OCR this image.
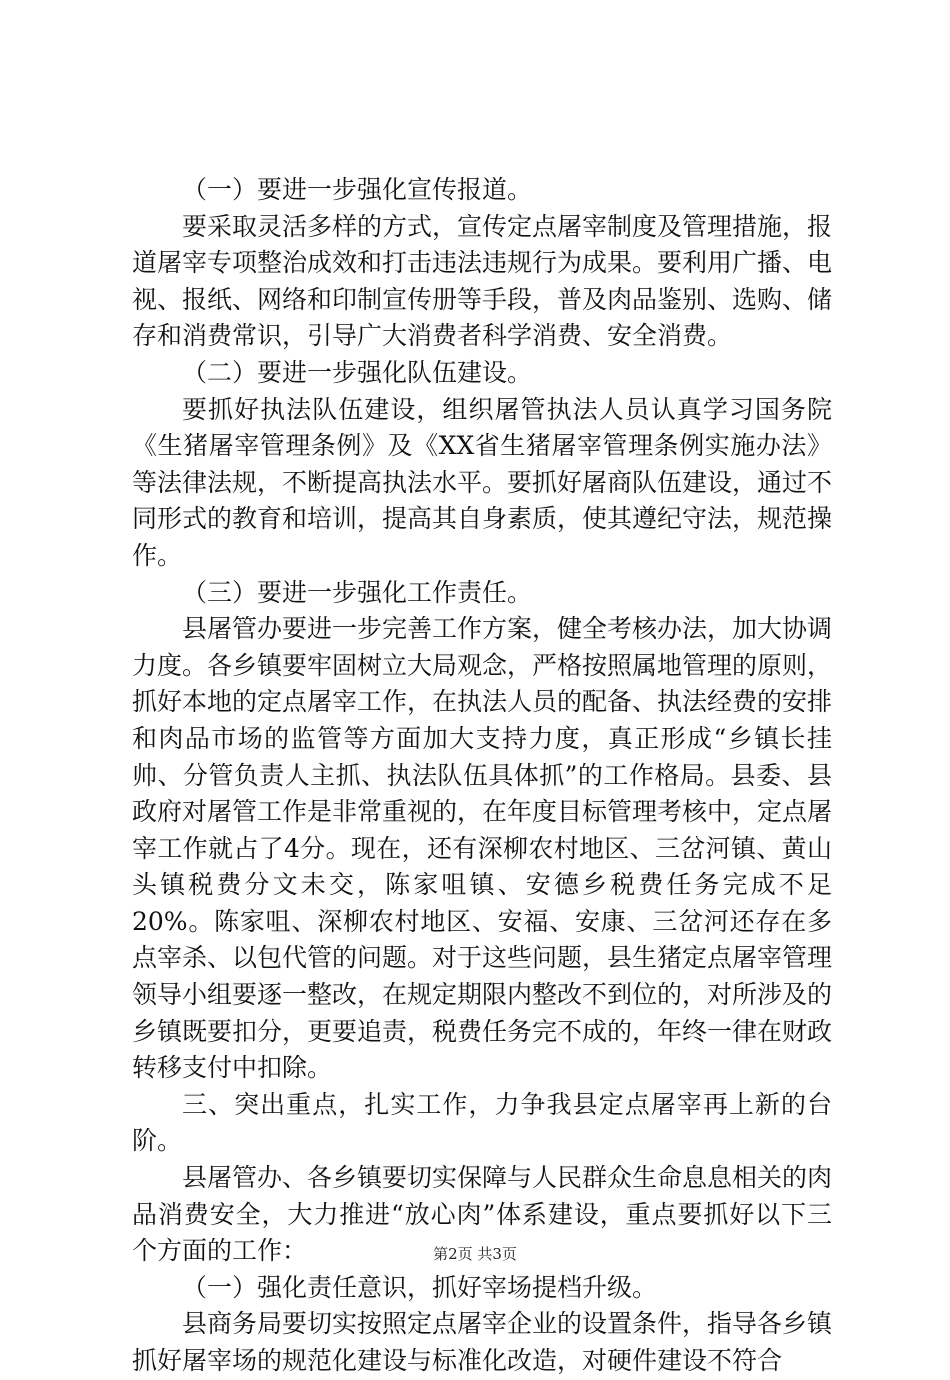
（一）要进一步强化宣传报道。

要采取灵活多样的方式，宣传定点屠宰制度及管理措施，报道屠宰专项整治成效和打击违法违规行为成果。要利用广播、电视、报纸、网络和印制宣传册等手段，普及肉品鉴别、选购、储存和消费常识，引导广大消费者科学消费、安全消费。

（二）要进一步强化队伍建设。

要抓好执法队伍建设，组织屠管执法人员认真学习国务院《生猪屠宰管理条例》及《XX省生猪屠宰管理条例实施办法》等法律法规，不断提高执法水平。要抓好屠商队伍建设，通过不同形式的教育和培训，提高其自身素质，使其遵纪守法，规范操作。

（三）要进一步强化工作责任。

县屠管办要进一步完善工作方案，健全考核办法，加大协调力度。各乡镇要牢固树立大局观念，严格按照属地管理的原则，抓好本地的定点屠宰工作，在执法人员的配备、执法经费的安排和肉品市场的监管等方面加大支持力度，真正形成“乡镇长挂帅、分管负责人主抓、执法队伍具体抓”的工作格局。县委、县政府对屠管工作是非常重视的，在年度目标管理考核中，定点屠宰工作就占了4分。现在，还有深柳农村地区、三岔河镇、黄山头镇税费分文未交，陈家咀镇、安德乡税费任务完成不足20%。陈家咀、深柳农村地区、安福、安康、三岔河还存在多点宰杀、以包代管的问题。对于这些问题，县生猪定点屠宰管理领导小组要逐一整改，在规定期限内整改不到位的，对所涉及的乡镇既要扣分，更要追责，税费任务完不成的，年终一律在财政转移支付中扣除。

三、突出重点，扎实工作，力争我县定点屠宰再上新的台阶。

县屠管办、各乡镇要切实保障与人民群众生命息息相关的肉品消费安全，大力推进“放心肉”体系建设，重点要抓好以下三个方面的工作：

（一）强化责任意识，抓好宰场提档升级。

县商务局要切实按照定点屠宰企业的设置条件，指导各乡镇抓好屠宰场的规范化建设与标准化改造，对硬件建设不符合

第2页 共3页
